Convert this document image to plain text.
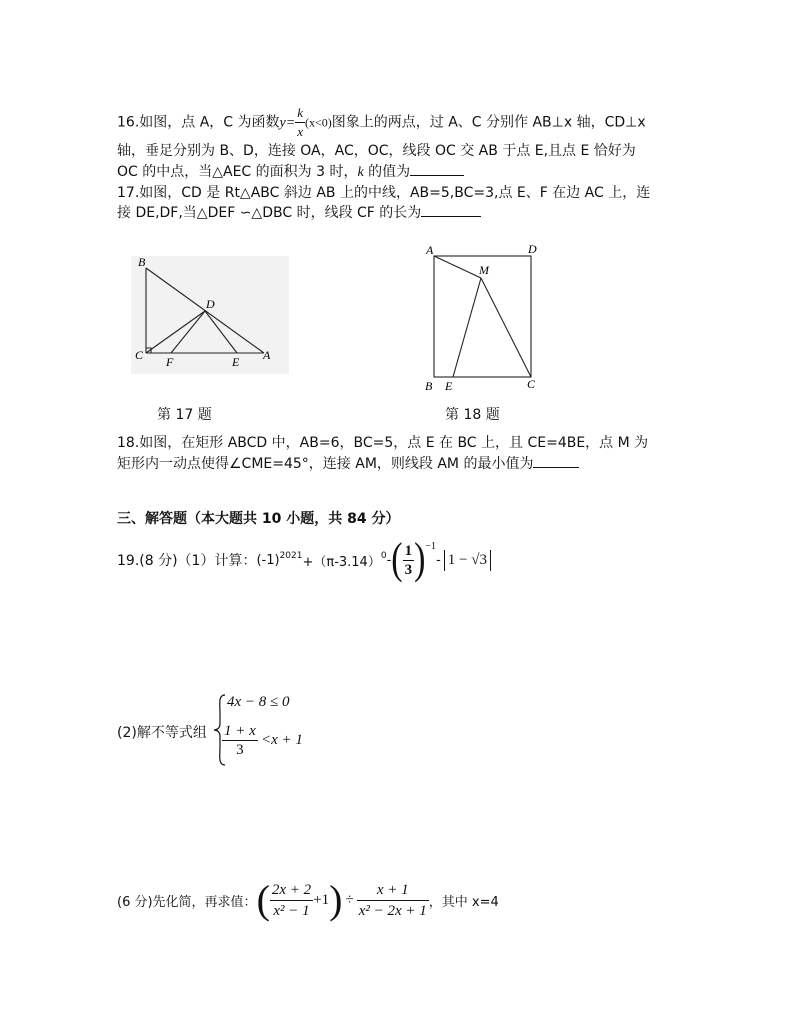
16.如图，点 A，C 为函数$y= \frac{k}{x} (x<0)$图象上的两点，过 A、C 分别作 AB⊥x 轴，CD⊥x
轴，垂足分别为 B、D，连接 OA，AC，OC，线段 OC 交 AB 于点 E,且点 E 恰好为
OC 的中点，当△AEC 的面积为 3 时，k 的值为
17.如图，CD 是 Rt△ABC 斜边 AB 上的中线，AB=5,BC=3,点 E、F 在边 AC 上，连
接 DE,DF,当△DEF ∽△DBC 时，线段 CF 的长为
B
D
C F	E A
A	D
M
B E	C
第 17 题	第 18 题
18.如图，在矩形 ABCD 中，AB=6，BC=5，点 E 在 BC 上，且 CE=4BE，点 M 为
矩形内一动点使得∠CME=45°，连接 AM，则线段 AM 的最小值为
三、解答题（本大题共 10 小题，共 84 分）
19.(8 分)（1）计算： $(-1)^{2021} +(\pi-3.14)^0$ - ( $\frac{1}{3} )^{-1}$
- 1 − √3
(2)解不等式组
4x − 8 ≤ 0
$\frac{1 + x}{3} <x + 1$
(6 分)先化简，再求值： ( $\frac{2x + 2}{\text{x² − 1}} +1$ ) ÷ $\frac{x + 1}{\text{x² − 2x + 1}}$ ，其中 x=4
